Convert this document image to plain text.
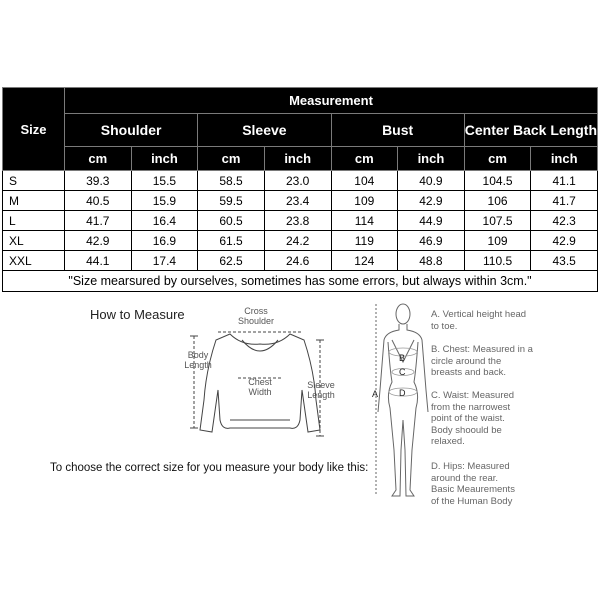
Size	Measurement							
	Shoulder		Sleeve		Bust		Center Back Length	
	cm	inch	cm	inch	cm	inch	cm	inch
S	39.3	15.5	58.5	23.0	104	40.9	104.5	41.1
M	40.5	15.9	59.5	23.4	109	42.9	106	41.7
L	41.7	16.4	60.5	23.8	114	44.9	107.5	42.3
XL	42.9	16.9	61.5	24.2	119	46.9	109	42.9
XXL	44.1	17.4	62.5	24.6	124	48.8	110.5	43.5
"Size mearsured by ourselves, sometimes has some errors, but always within 3cm."								
How to Measure	Cross
Shoulder
Body
Length
Chest
Width
Sleeve
Length
To choose the correct size for you measure your body like this:
A
B
C
D
A. Vertical height head
to toe.
B. Chest: Measured in a
circle around the
breasts and back.
C. Waist: Measured
from the narrowest
point of the waist.
Body shoould be
relaxed.
D. Hips: Measured
around the rear.
Basic Meaurements
of the Human Body
